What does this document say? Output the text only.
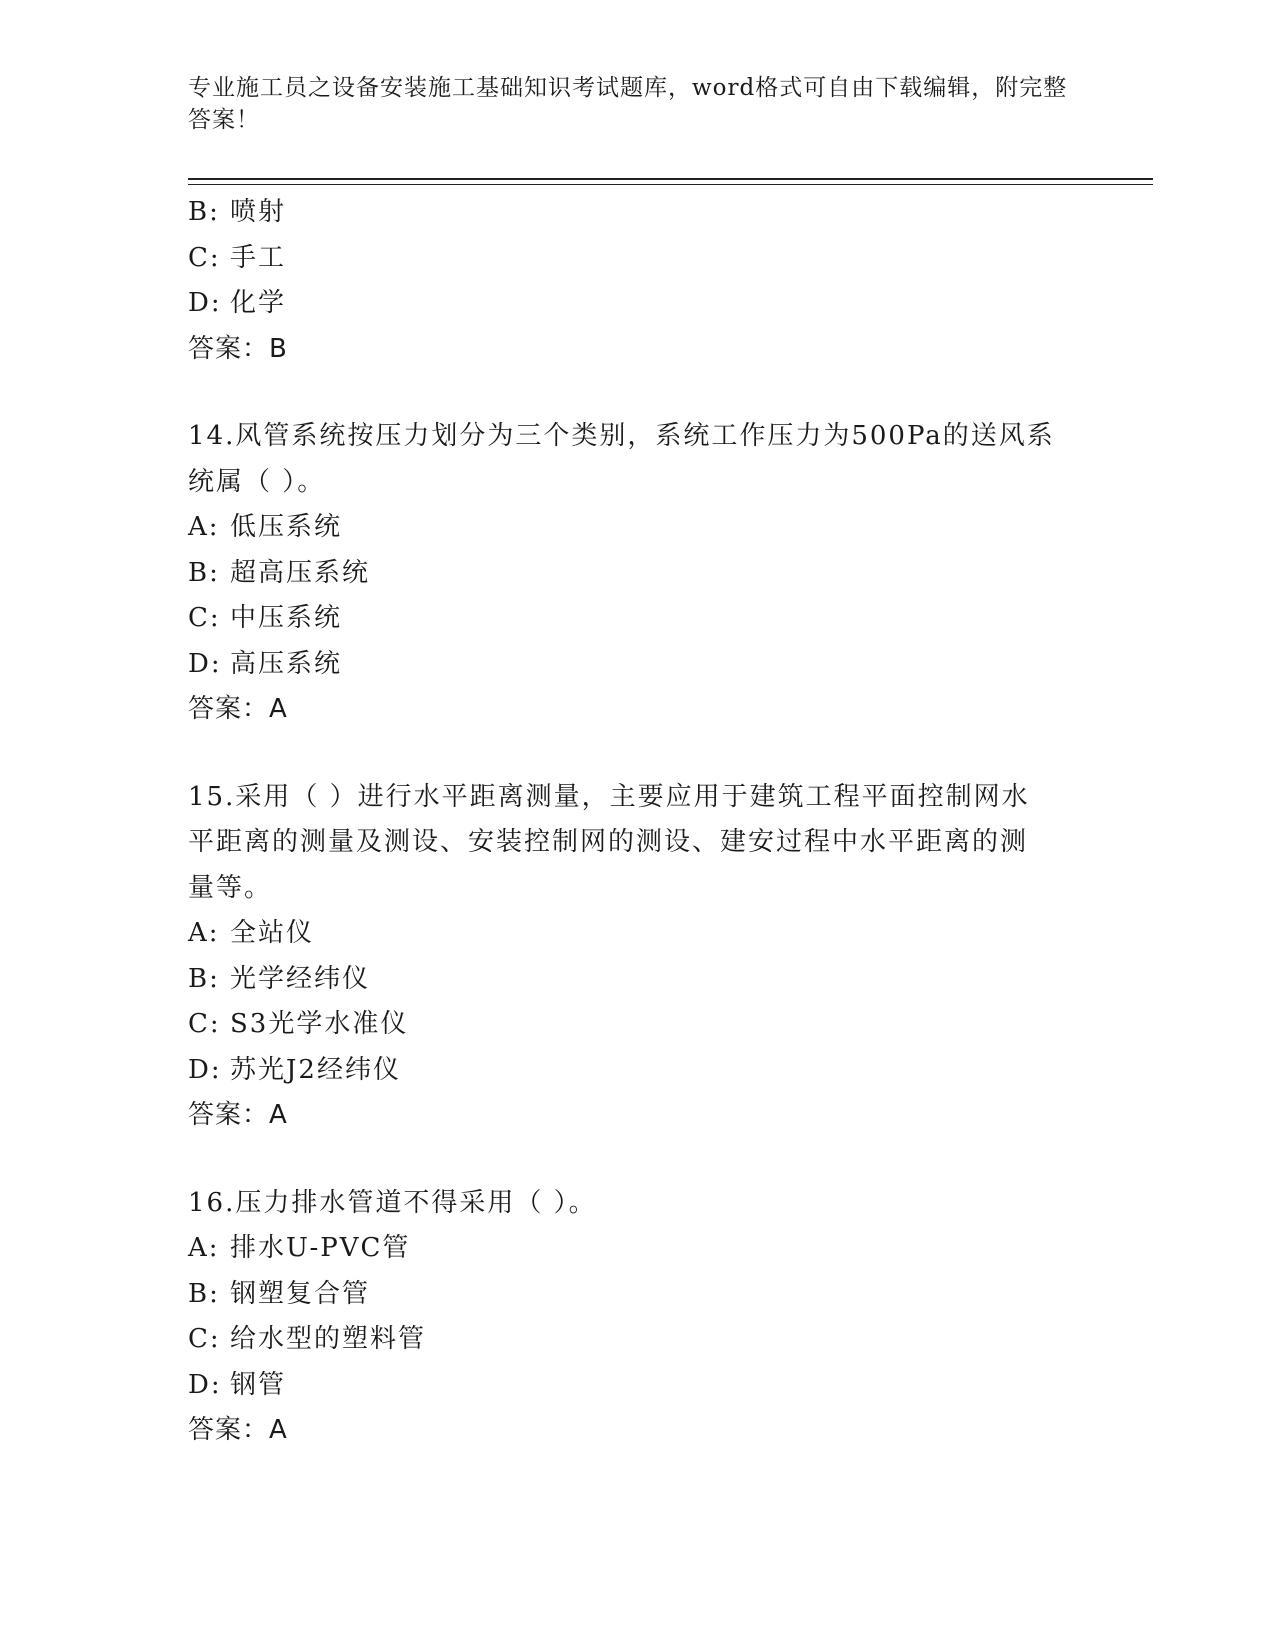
专业施工员之设备安装施工基础知识考试题库，word格式可自由下载编辑，附完整答案！
B: 喷射
C: 手工
D: 化学
答案：B
14.风管系统按压力划分为三个类别，系统工作压力为500Pa的送风系
统属（ ）。
A: 低压系统
B: 超高压系统
C: 中压系统
D: 高压系统
答案：A
15.采用（ ）进行水平距离测量，主要应用于建筑工程平面控制网水
平距离的测量及测设、安装控制网的测设、建安过程中水平距离的测
量等。
A: 全站仪
B: 光学经纬仪
C: S3光学水准仪
D: 苏光J2经纬仪
答案：A
16.压力排水管道不得采用（ ）。
A: 排水U-PVC管
B: 钢塑复合管
C: 给水型的塑料管
D: 钢管
答案：A
